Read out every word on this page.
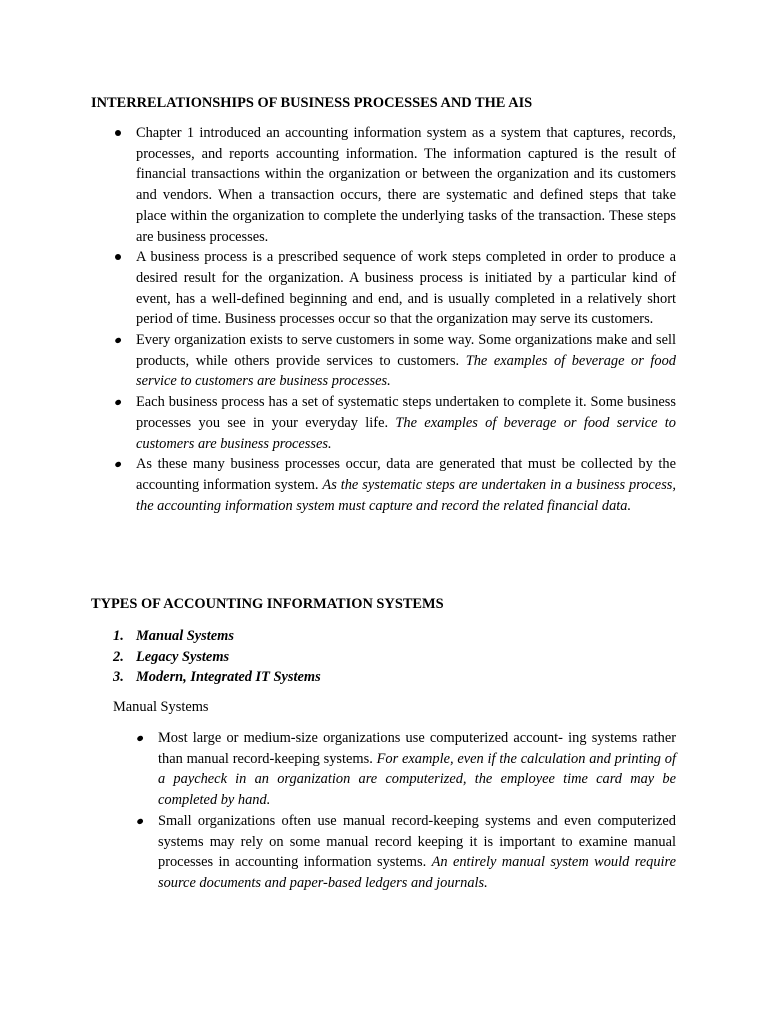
INTERRELATIONSHIPS OF BUSINESS PROCESSES AND THE AIS
Chapter 1 introduced an accounting information system as a system that captures, records, processes, and reports accounting information. The information captured is the result of financial transactions within the organization or between the organization and its customers and vendors. When a transaction occurs, there are systematic and defined steps that take place within the organization to complete the underlying tasks of the transaction. These steps are business processes.
A business process is a prescribed sequence of work steps completed in order to produce a desired result for the organization. A business process is initiated by a particular kind of event, has a well-defined beginning and end, and is usually completed in a relatively short period of time. Business processes occur so that the organization may serve its customers.
Every organization exists to serve customers in some way. Some organizations make and sell products, while others provide services to customers. The examples of beverage or food service to customers are business processes.
Each business process has a set of systematic steps undertaken to complete it. Some business processes you see in your everyday life. The examples of beverage or food service to customers are business processes.
As these many business processes occur, data are generated that must be collected by the accounting information system. As the systematic steps are undertaken in a business process, the accounting information system must capture and record the related financial data.
TYPES OF ACCOUNTING INFORMATION SYSTEMS
1. Manual Systems
2. Legacy Systems
3. Modern, Integrated IT Systems
Manual Systems
Most large or medium-size organizations use computerized account- ing systems rather than manual record-keeping systems. For example, even if the calculation and printing of a paycheck in an organization are computerized, the employee time card may be completed by hand.
Small organizations often use manual record-keeping systems and even computerized systems may rely on some manual record keeping it is important to examine manual processes in accounting information systems. An entirely manual system would require source documents and paper-based ledgers and journals.
